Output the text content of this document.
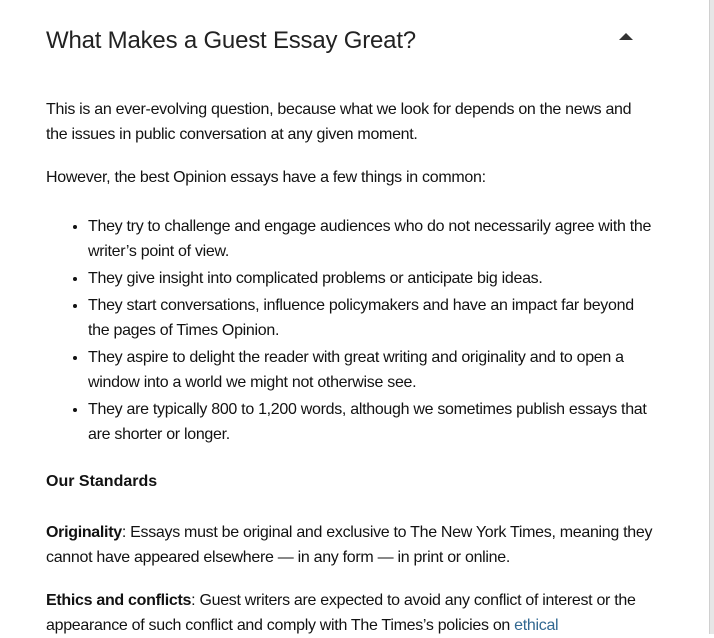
What Makes a Guest Essay Great?

This is an ever-evolving question, because what we look for depends on the news and the issues in public conversation at any given moment.

However, the best Opinion essays have a few things in common:

• They try to challenge and engage audiences who do not necessarily agree with the writer’s point of view.
• They give insight into complicated problems or anticipate big ideas.
• They start conversations, influence policymakers and have an impact far beyond the pages of Times Opinion.
• They aspire to delight the reader with great writing and originality and to open a window into a world we might not otherwise see.
• They are typically 800 to 1,200 words, although we sometimes publish essays that are shorter or longer.
Our Standards

Originality: Essays must be original and exclusive to The New York Times, meaning they cannot have appeared elsewhere — in any form — in print or online.

Ethics and conflicts: Guest writers are expected to avoid any conflict of interest or the appearance of such conflict and comply with The Times’s policies on ethical
